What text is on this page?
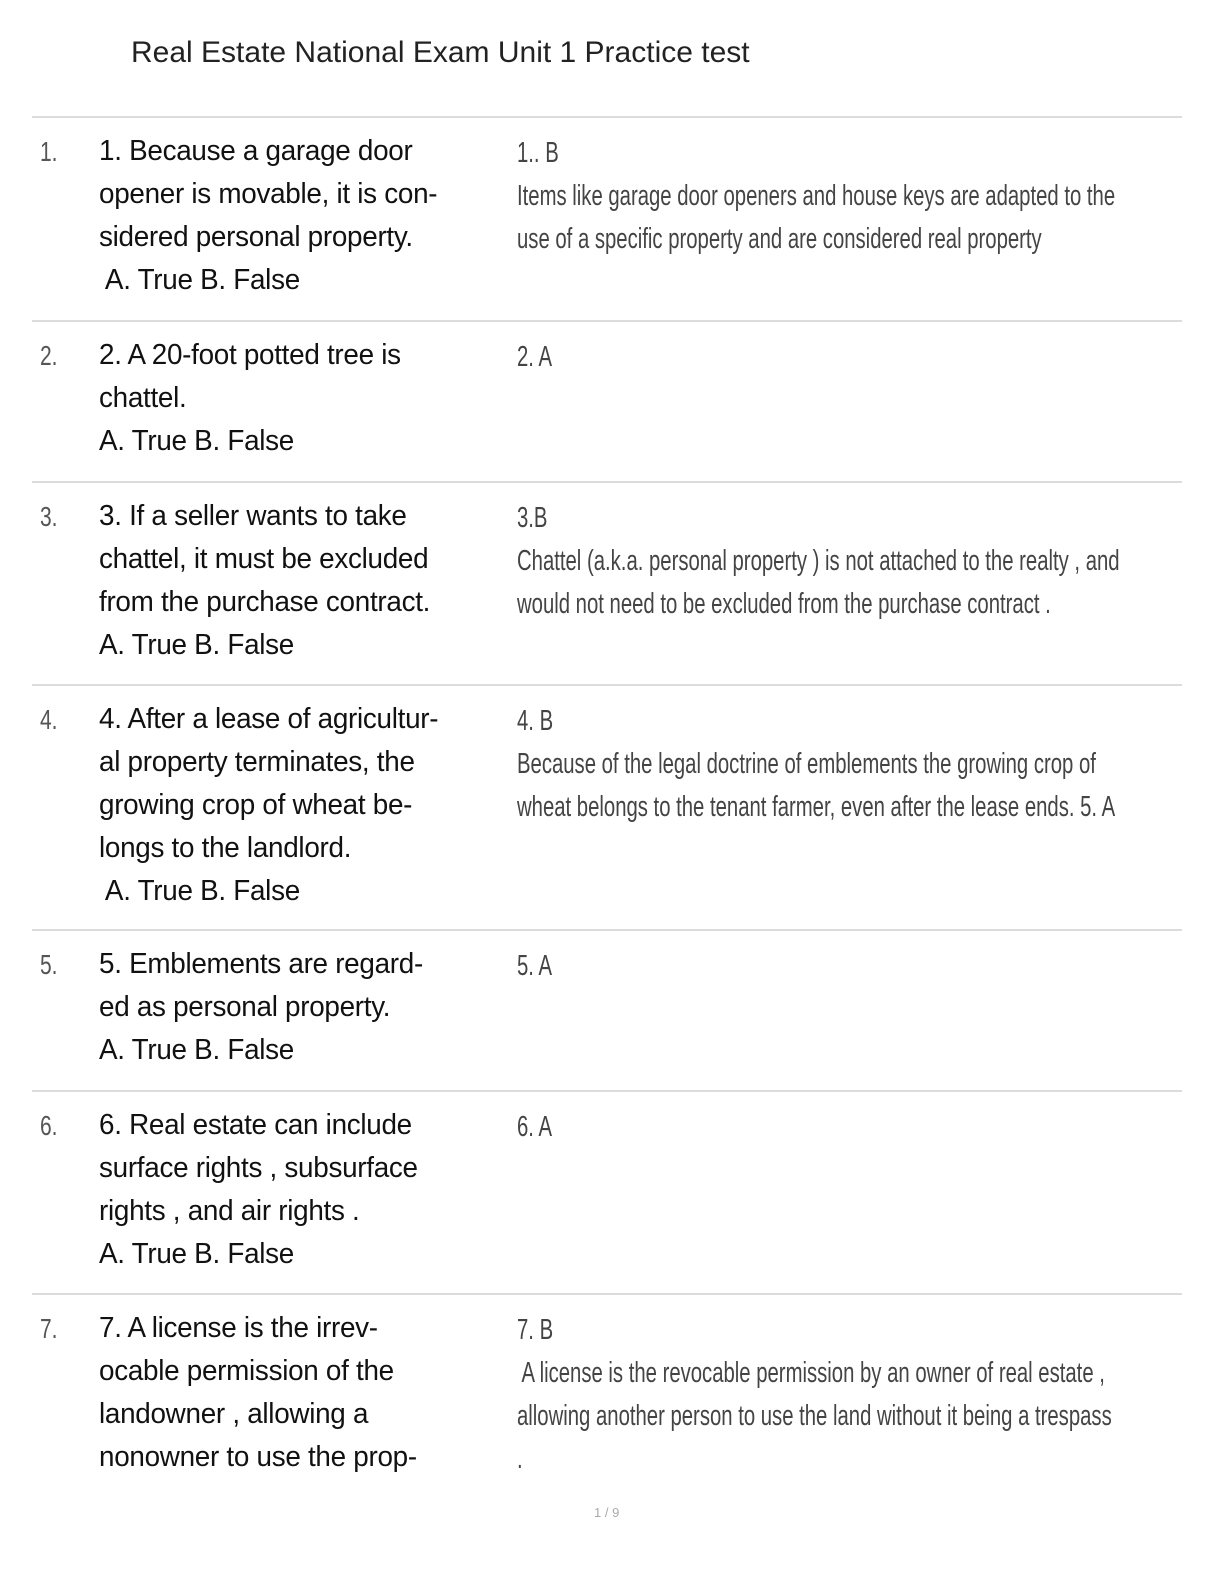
Real Estate National Exam Unit 1 Practice test
1. 1. Because a garage door
opener is movable, it is con-
sidered personal property.
A. True B. False
1.. B
Items like garage door openers and house keys are adapted to the
use of a specific property and are considered real property
2. 2. A 20-foot potted tree is
chattel.
A. True B. False
2. A
3. 3. If a seller wants to take
chattel, it must be excluded
from the purchase contract.
A. True B. False
3.B
Chattel (a.k.a. personal property ) is not attached to the realty , and
would not need to be excluded from the purchase contract .
4. 4. After a lease of agricultur-
al property terminates, the
growing crop of wheat be-
longs to the landlord.
A. True B. False
4. B
Because of the legal doctrine of emblements the growing crop of
wheat belongs to the tenant farmer, even after the lease ends. 5. A
5. 5. Emblements are regard-
ed as personal property.
A. True B. False
5. A
6. 6. Real estate can include
surface rights , subsurface
rights , and air rights .
A. True B. False
6. A
7. 7. A license is the irrev-
ocable permission of the
landowner , allowing a
nonowner to use the prop-
7. B
A license is the revocable permission by an owner of real estate ,
allowing another person to use the land without it being a trespass
.
1 / 9
